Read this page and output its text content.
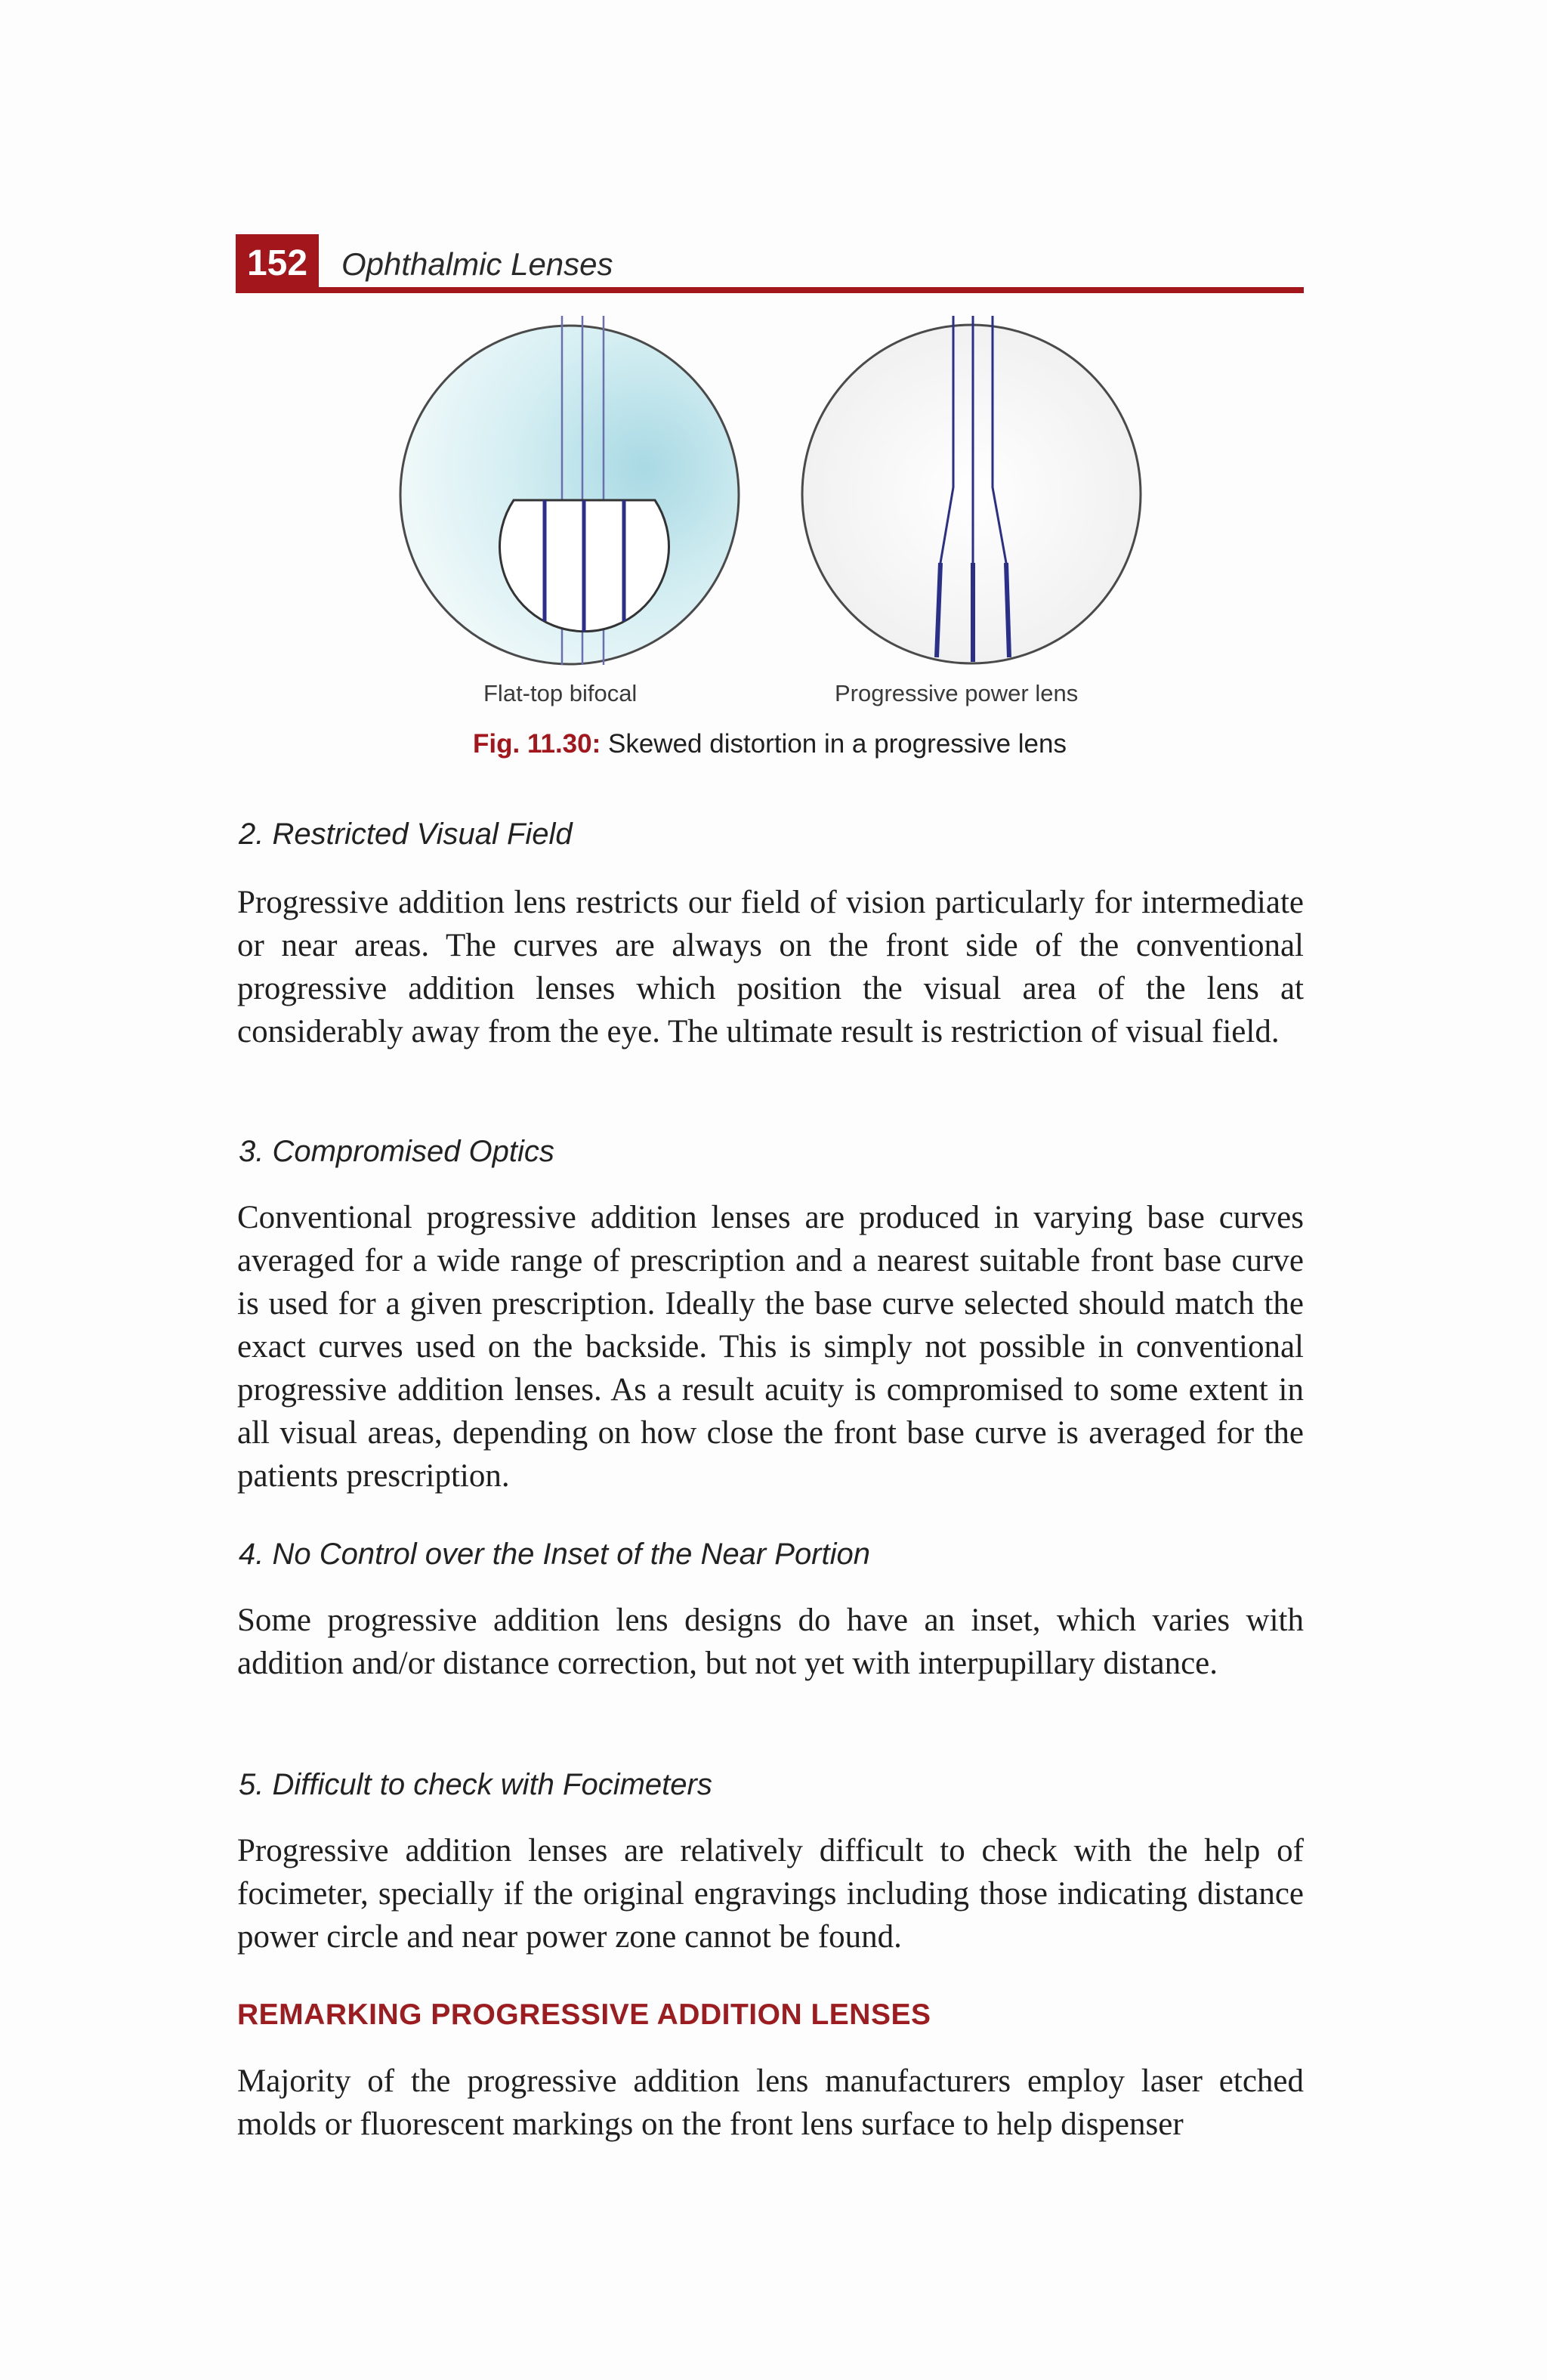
152	Ophthalmic Lenses
Flat-top bifocal	Progressive power lens
Fig. 11.30: Skewed distortion in a progressive lens
2. Restricted Visual Field
Progressive addition lens restricts our field of vision particularly for intermediate or near areas. The curves are always on the front side of the conventional progressive addition lenses which position the visual area of the lens at considerably away from the eye. The ultimate result is restriction of visual field.
3. Compromised Optics
Conventional progressive addition lenses are produced in varying base curves averaged for a wide range of prescription and a nearest suitable front base curve is used for a given prescription. Ideally the base curve selected should match the exact curves used on the backside. This is simply not possible in conventional progressive addition lenses. As a result acuity is compromised to some extent in all visual areas, depending on how close the front base curve is averaged for the patients prescription.
4. No Control over the Inset of the Near Portion
Some progressive addition lens designs do have an inset, which varies with addition and/or distance correction, but not yet with interpupillary distance.
5. Difficult to check with Focimeters
Progressive addition lenses are relatively difficult to check with the help of focimeter, specially if the original engravings including those indicating distance power circle and near power zone cannot be found.
REMARKING PROGRESSIVE ADDITION LENSES
Majority of the progressive addition lens manufacturers employ laser etched molds or fluorescent markings on the front lens surface to help dispenser
